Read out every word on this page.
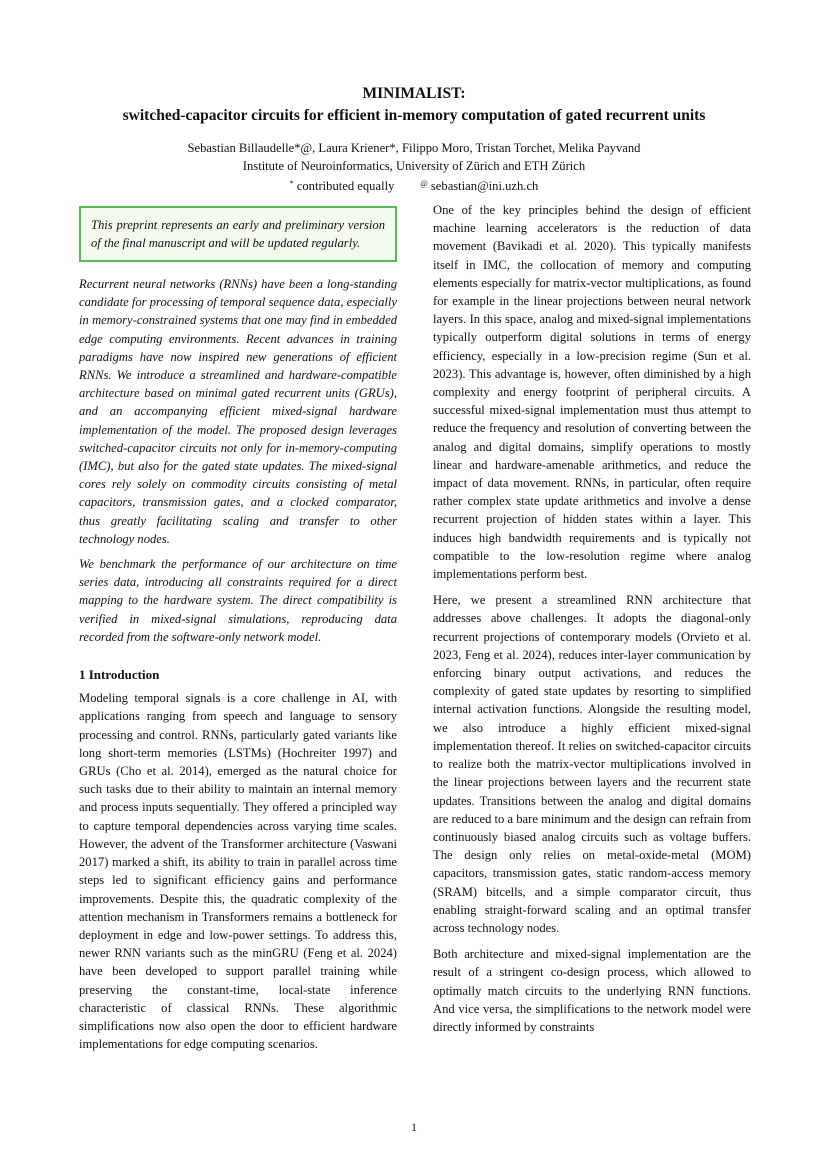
MINIMALIST:
switched-capacitor circuits for efficient in-memory computation of gated recurrent units
Sebastian Billaudelle*@, Laura Kriener*, Filippo Moro, Tristan Torchet, Melika Payvand
Institute of Neuroinformatics, University of Zürich and ETH Zürich
* contributed equally	@ sebastian@ini.uzh.ch
This preprint represents an early and preliminary version of the final manuscript and will be updated regularly.

Recurrent neural networks (RNNs) have been a long-standing candidate for processing of temporal sequence data, especially in memory-constrained systems that one may find in embedded edge computing environments. Recent advances in training paradigms have now inspired new generations of efficient RNNs. We introduce a streamlined and hardware-compatible architecture based on minimal gated recurrent units (GRUs), and an accompanying efficient mixed-signal hardware implementation of the model. The proposed design leverages switched-capacitor circuits not only for in-memory-computing (IMC), but also for the gated state updates. The mixed-signal cores rely solely on commodity circuits consisting of metal capacitors, transmission gates, and a clocked comparator, thus greatly facilitating scaling and transfer to other technology nodes.

We benchmark the performance of our architecture on time series data, introducing all constraints required for a direct mapping to the hardware system. The direct compatibility is verified in mixed-signal simulations, reproducing data recorded from the software-only network model.

1 Introduction

Modeling temporal signals is a core challenge in AI, with applications ranging from speech and language to sensory processing and control. RNNs, particularly gated variants like long short-term memories (LSTMs) (Hochreiter 1997) and GRUs (Cho et al. 2014), emerged as the natural choice for such tasks due to their ability to maintain an internal memory and process inputs sequentially. They offered a principled way to capture temporal dependencies across varying time scales. However, the advent of the Transformer architecture (Vaswani 2017) marked a shift, its ability to train in parallel across time steps led to significant efficiency gains and performance improvements. Despite this, the quadratic complexity of the attention mechanism in Transformers remains a bottleneck for deployment in edge and low-power settings. To address this, newer RNN variants such as the minGRU (Feng et al. 2024) have been developed to support parallel training while preserving the constant-time, local-state inference characteristic of classical RNNs. These algorithmic simplifications now also open the door to efficient hardware implementations for edge computing scenarios.

One of the key principles behind the design of efficient machine learning accelerators is the reduction of data movement (Bavikadi et al. 2020). This typically manifests itself in IMC, the collocation of memory and computing elements especially for matrix-vector multiplications, as found for example in the linear projections between neural network layers. In this space, analog and mixed-signal implementations typically outperform digital solutions in terms of energy efficiency, especially in a low-precision regime (Sun et al. 2023). This advantage is, however, often diminished by a high complexity and energy footprint of peripheral circuits. A successful mixed-signal implementation must thus attempt to reduce the frequency and resolution of converting between the analog and digital domains, simplify operations to mostly linear and hardware-amenable arithmetics, and reduce the impact of data movement. RNNs, in particular, often require rather complex state update arithmetics and involve a dense recurrent projection of hidden states within a layer. This induces high bandwidth requirements and is typically not compatible to the low-resolution regime where analog implementations perform best.

Here, we present a streamlined RNN architecture that addresses above challenges. It adopts the diagonal-only recurrent projections of contemporary models (Orvieto et al. 2023, Feng et al. 2024), reduces inter-layer communication by enforcing binary output activations, and reduces the complexity of gated state updates by resorting to simplified internal activation functions. Alongside the resulting model, we also introduce a highly efficient mixed-signal implementation thereof. It relies on switched-capacitor circuits to realize both the matrix-vector multiplications involved in the linear projections between layers and the recurrent state updates. Transitions between the analog and digital domains are reduced to a bare minimum and the design can refrain from continuously biased analog circuits such as voltage buffers. The design only relies on metal-oxide-metal (MOM) capacitors, transmission gates, static random-access memory (SRAM) bitcells, and a simple comparator circuit, thus enabling straight-forward scaling and an optimal transfer across technology nodes.

Both architecture and mixed-signal implementation are the result of a stringent co-design process, which allowed to optimally match circuits to the underlying RNN functions. And vice versa, the simplifications to the network model were directly informed by constraints

1
